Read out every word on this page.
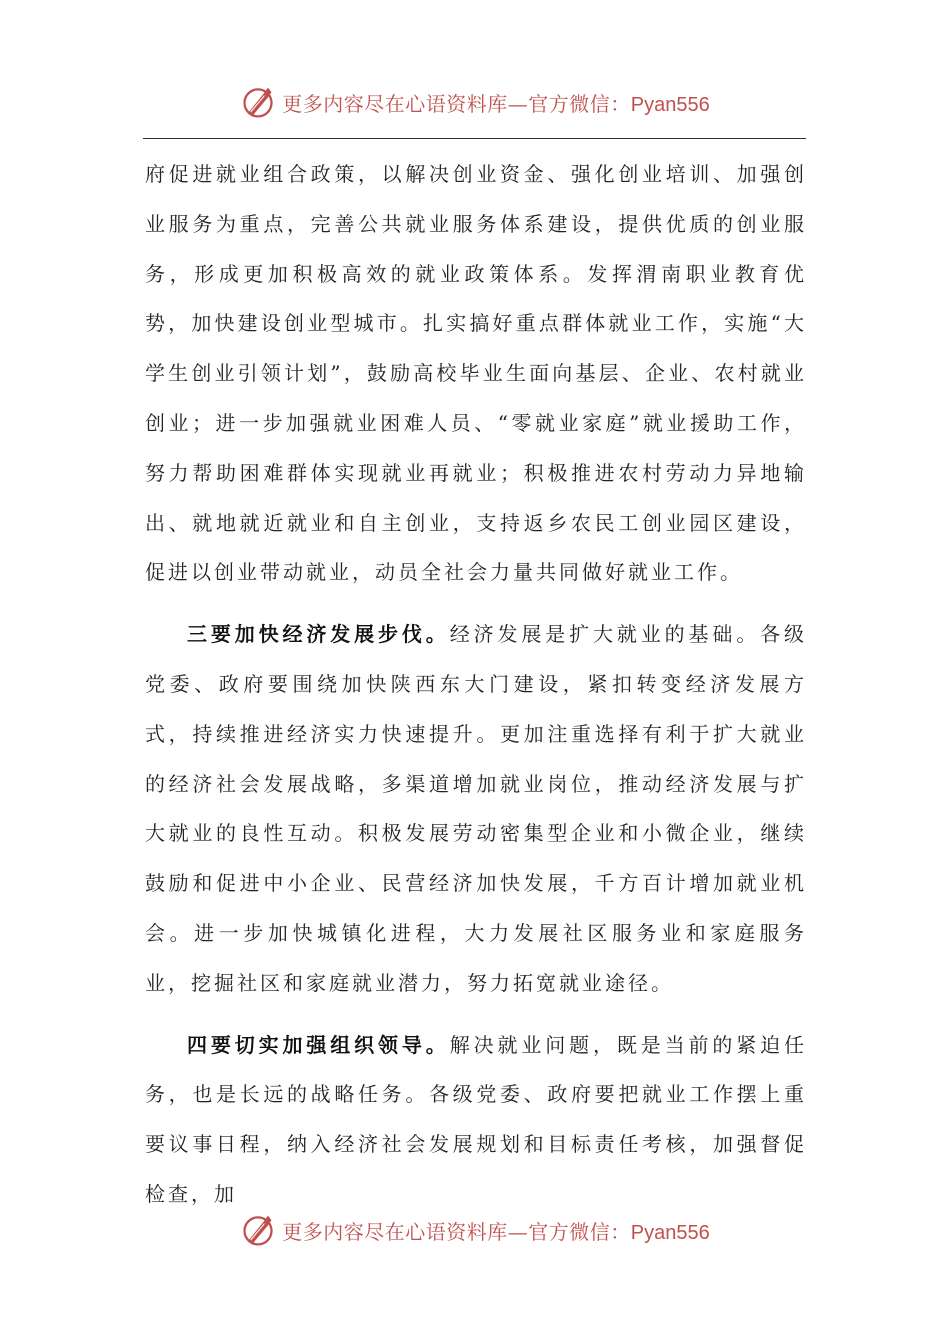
更多内容尽在心语资料库—官方微信：Pyan556

府促进就业组合政策，以解决创业资金、强化创业培训、加强创业服务为重点，完善公共就业服务体系建设，提供优质的创业服务，形成更加积极高效的就业政策体系。发挥渭南职业教育优势，加快建设创业型城市。扎实搞好重点群体就业工作，实施“大学生创业引领计划”，鼓励高校毕业生面向基层、企业、农村就业创业；进一步加强就业困难人员、“零就业家庭”就业援助工作，努力帮助困难群体实现就业再就业；积极推进农村劳动力异地输出、就地就近就业和自主创业，支持返乡农民工创业园区建设，促进以创业带动就业，动员全社会力量共同做好就业工作。

三要加快经济发展步伐。经济发展是扩大就业的基础。各级党委、政府要围绕加快陕西东大门建设，紧扣转变经济发展方式，持续推进经济实力快速提升。更加注重选择有利于扩大就业的经济社会发展战略，多渠道增加就业岗位，推动经济发展与扩大就业的良性互动。积极发展劳动密集型企业和小微企业，继续鼓励和促进中小企业、民营经济加快发展，千方百计增加就业机会。进一步加快城镇化进程，大力发展社区服务业和家庭服务业，挖掘社区和家庭就业潜力，努力拓宽就业途径。

四要切实加强组织领导。解决就业问题，既是当前的紧迫任务，也是长远的战略任务。各级党委、政府要把就业工作摆上重要议事日程，纳入经济社会发展规划和目标责任考核，加强督促检查，加

更多内容尽在心语资料库—官方微信：Pyan556
